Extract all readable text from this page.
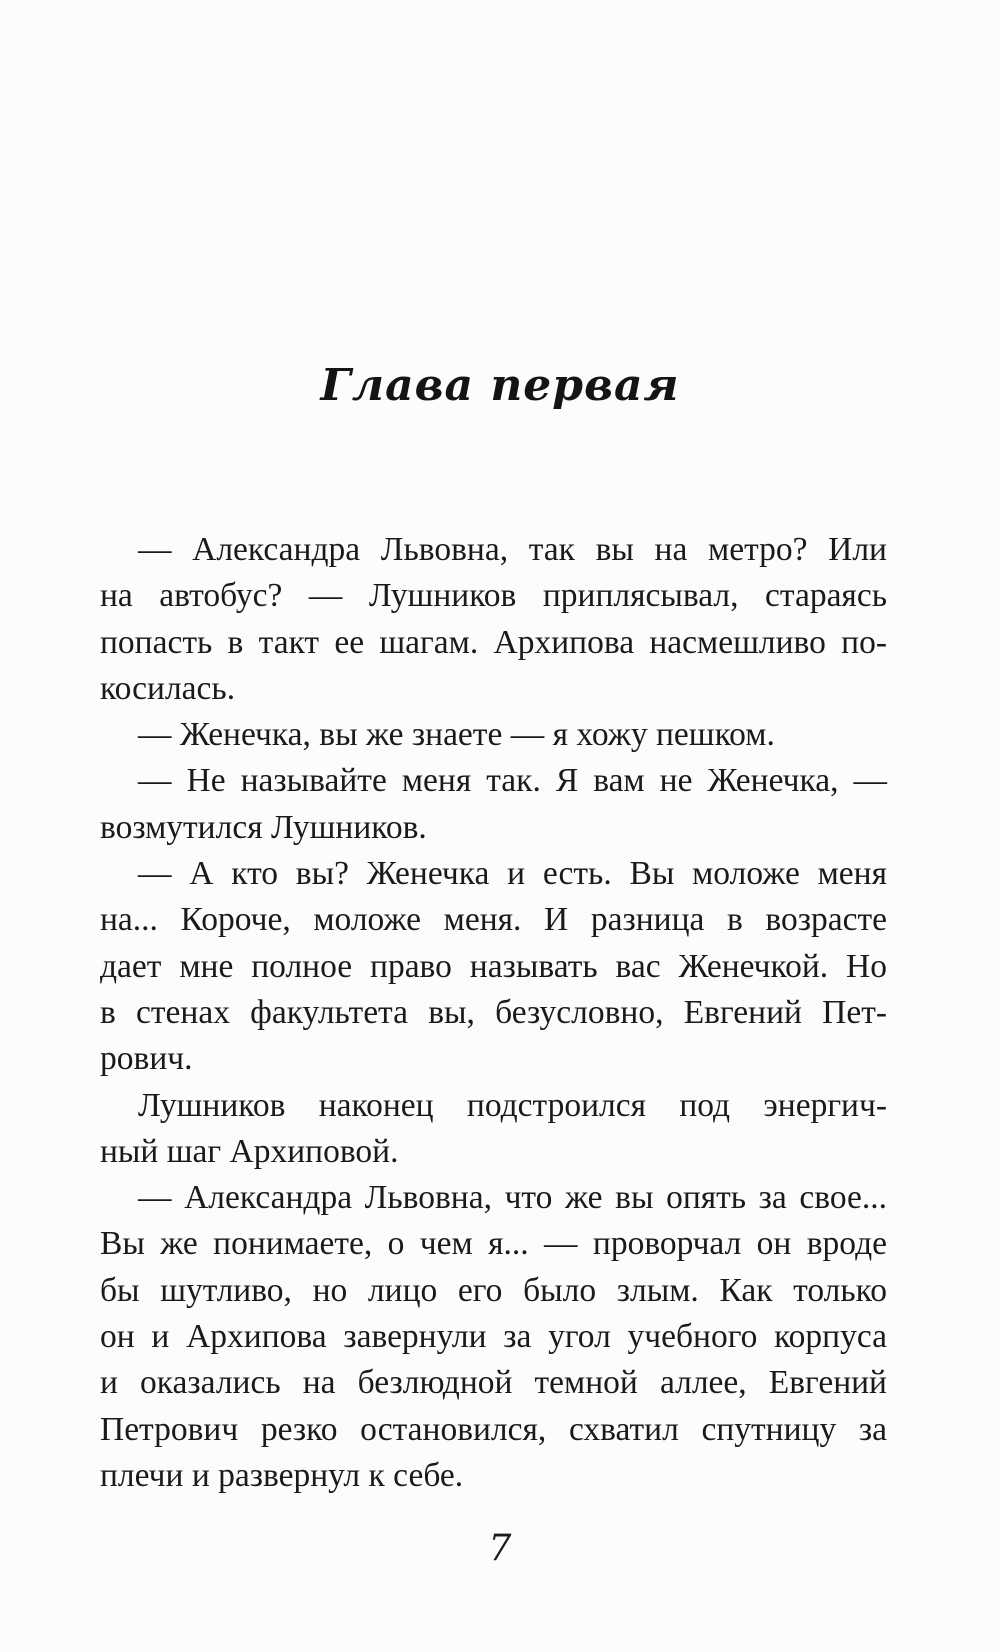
Глава первая
— Александра Львовна, так вы на метро? Или
на автобус? — Лушников приплясывал, стараясь
попасть в такт ее шагам. Архипова насмешливо по-
косилась.
— Женечка, вы же знаете — я хожу пешком.
— Не называйте меня так. Я вам не Женечка, —
возмутился Лушников.
— А кто вы? Женечка и есть. Вы моложе меня
на... Короче, моложе меня. И разница в возрасте
дает мне полное право называть вас Женечкой. Но
в стенах факультета вы, безусловно, Евгений Пет-
рович.
Лушников наконец подстроился под энергич-
ный шаг Архиповой.
— Александра Львовна, что же вы опять за свое...
Вы же понимаете, о чем я... — проворчал он вроде
бы шутливо, но лицо его было злым. Как только
он и Архипова завернули за угол учебного корпуса
и оказались на безлюдной темной аллее, Евгений
Петрович резко остановился, схватил спутницу за
плечи и развернул к себе.
7
